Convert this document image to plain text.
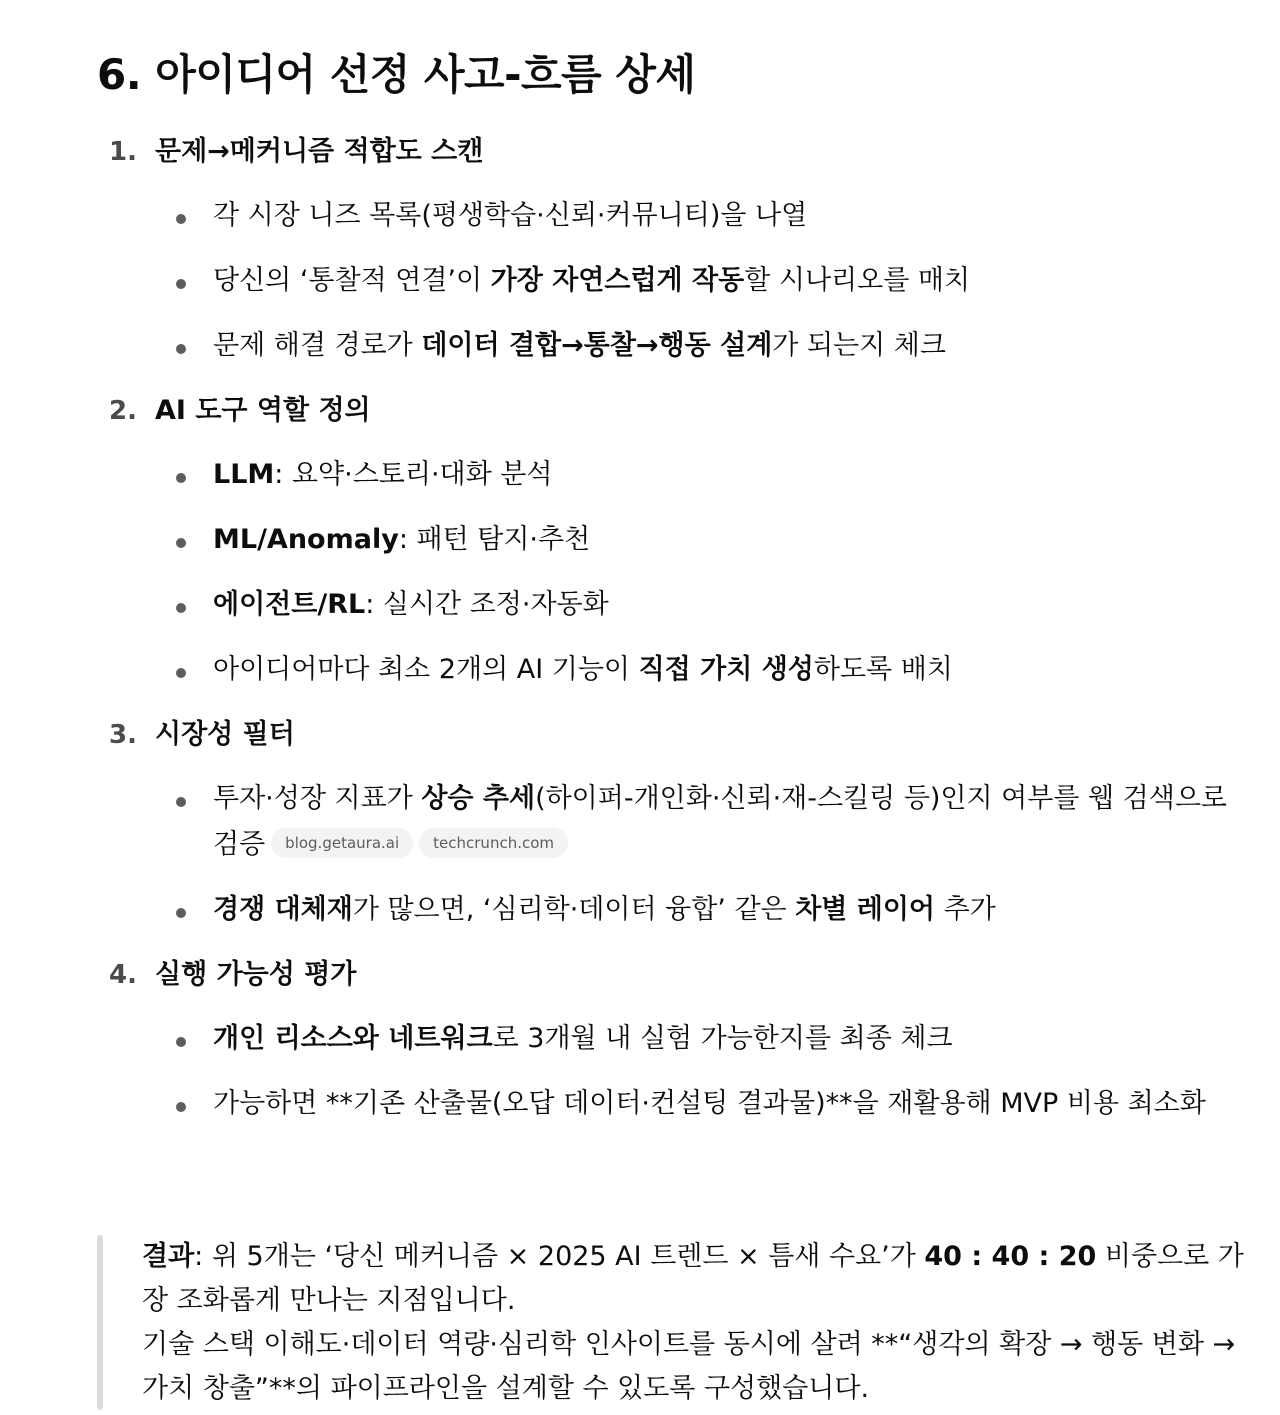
6. 아이디어 선정 사고-흐름 상세
1. 문제→메커니즘 적합도 스캔
각 시장 니즈 목록(평생학습·신뢰·커뮤니티)을 나열
당신의 ‘통찰적 연결’이 가장 자연스럽게 작동할 시나리오를 매치
문제 해결 경로가 데이터 결합→통찰→행동 설계가 되는지 체크
2. AI 도구 역할 정의
LLM: 요약·스토리·대화 분석
ML/Anomaly: 패턴 탐지·추천
에이전트/RL: 실시간 조정·자동화
아이디어마다 최소 2개의 AI 기능이 직접 가치 생성하도록 배치
3. 시장성 필터
투자·성장 지표가 상승 추세(하이퍼-개인화·신뢰·재-스킬링 등)인지 여부를 웹 검색으로 검증 blog.getaura.ai techcrunch.com
경쟁 대체재가 많으면, ‘심리학·데이터 융합’ 같은 차별 레이어 추가
4. 실행 가능성 평가
개인 리소스와 네트워크로 3개월 내 실험 가능한지를 최종 체크
가능하면 **기존 산출물(오답 데이터·컨설팅 결과물)**을 재활용해 MVP 비용 최소화

결과: 위 5개는 ‘당신 메커니즘 × 2025 AI 트렌드 × 틈새 수요’가 40 : 40 : 20 비중으로 가장 조화롭게 만나는 지점입니다.

기술 스택 이해도·데이터 역량·심리학 인사이트를 동시에 살려 **“생각의 확장 → 행동 변화 → 가치 창출”**의 파이프라인을 설계할 수 있도록 구성했습니다.
